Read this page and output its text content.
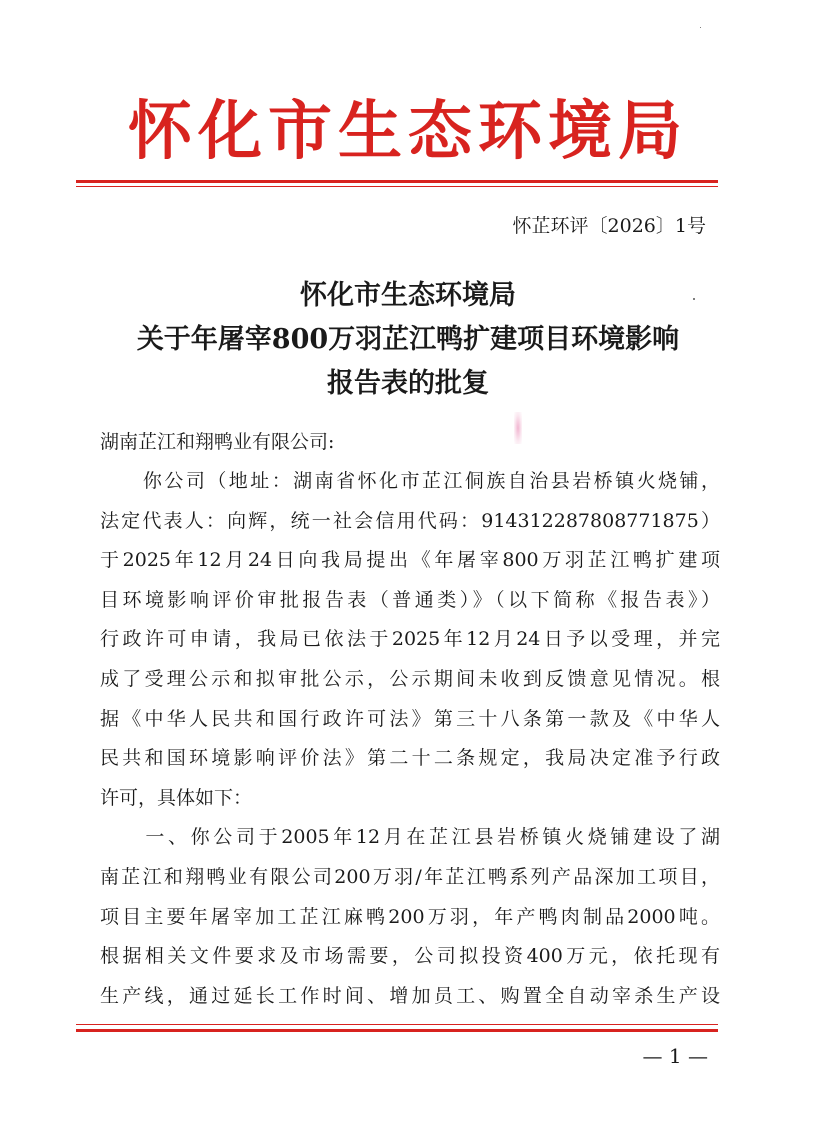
怀化市生态环境局
怀芷环评〔2026〕1号
怀化市生态环境局
关于年屠宰800万羽芷江鸭扩建项目环境影响
报告表的批复
湖南芷江和翔鸭业有限公司:
　　你公司（地址：湖南省怀化市芷江侗族自治县岩桥镇火烧铺，
法定代表人：向辉，统一社会信用代码：914312287808771875）
于2025年12月24日向我局提出《年屠宰800万羽芷江鸭扩建项
目环境影响评价审批报告表（普通类）》（以下简称《报告表》）
行政许可申请，我局已依法于2025年12月24日予以受理，并完
成了受理公示和拟审批公示，公示期间未收到反馈意见情况。根
据《中华人民共和国行政许可法》第三十八条第一款及《中华人
民共和国环境影响评价法》第二十二条规定，我局决定准予行政
许可，具体如下：
　　一、你公司于2005年12月在芷江县岩桥镇火烧铺建设了湖
南芷江和翔鸭业有限公司200万羽/年芷江鸭系列产品深加工项目，
项目主要年屠宰加工芷江麻鸭200万羽，年产鸭肉制品2000吨。
根据相关文件要求及市场需要，公司拟投资400万元，依托现有
生产线，通过延长工作时间、增加员工、购置全自动宰杀生产设
— 1 —
